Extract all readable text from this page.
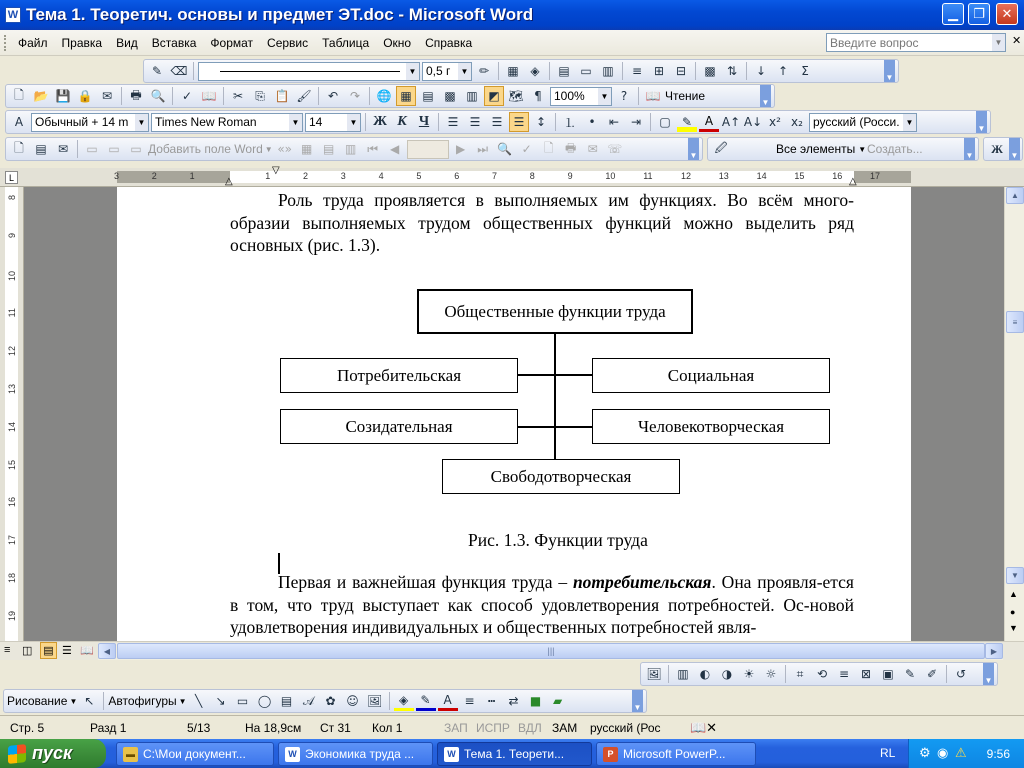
W Тема 1. Теоретич. основы и предмет ЭТ.doc - Microsoft Word	▁	❐	✕
Файл	Правка	Вид	Вставка	Формат	Сервис	Таблица	Окно	Справка	Введите вопрос	▼ ✕
✎ ⌫	▼ 0,5 г	▼ ✏	▦ ◈	▤ ▭ ▥	≡ ⊞ ⊟	▩ ⇅	↓ ↑	Σ	▼
🗋 📂 💾 🔒 ✉	🖶 🔍	✓ 📖	✂	⎘ 📋 🖌	↶ ↷	🌐 ▦ ▤ ▩ ▥ ◩ 🗺 ¶	100%	▼	?	📖 Чтение	▼
A Обычный + 14 m	▼ Times New Roman	▼ 14	▼ Ж К Ч	☰ ☰ ☰ ☰ ↕	⒈	•	⇤ ⇥	▢ ✎	A A↑ A↓ x² x₂ русский (Росси. ▼
▼
🗋 ▤ ✉	▭ ▭ ▭ Добавить поле Word ▼ «» ▦ ▤ ▥ ⏮ ◀	▶ ⏭ 🔍 ✓	🗋 🖶 ✉ ☏	▼
🖉	Все элементы ▼ Создать...	▼	Ж ▼
L	3	2	1	1	2	3	4	5	6	7	8	9	10	11	12	13	14	15	16	17
△
▽
△
8
9
10
11
12
13
14
15
16
17
18
19
Роль труда проявляется в выполняемых им функциях. Во всём много-образии выполняемых трудом общественных функций можно выделить ряд основных (рис. 1.3).
Общественные функции труда
Потребительская	Социальная
Созидательная	Человекотворческая
Свободотворческая
Рис. 1.3. Функции труда
Первая и важнейшая функция труда – потребительская. Она проявля-ется в том, что труд выступает как способ удовлетворения потребностей. Ос-новой удовлетворения индивидуальных и общественных потребностей явля-
▲
≡
▼
▲
●
▼
≡ ◫ ▤ ☰ 📖	◀	|||	▶
🖼	▥ ◐ ◑ ☀ ☼	⌗	⟲ ≡ ⊠ ▣ ✎ ✐	↺	▼
Рисование ▼ ↖	Автофигуры ▼ ╲	↘ ▭ ◯ ▤ 𝒜 ✿ ☺ 🖼	◈	✎	A	≡	┅	⇄ ■ ▰	▼
Стр. 5	Разд 1	5/13	На 18,9см Ст 31 Кол 1	ЗАП ИСПР ВДЛ ЗАМ русский (Рос 📖✕
пуск	▬ C:\Мои документ...	W Экономика труда ...	W Тема 1. Теорети...	P Microsoft PowerP...	RL ⚙ ◉ ⚠ 9:56
